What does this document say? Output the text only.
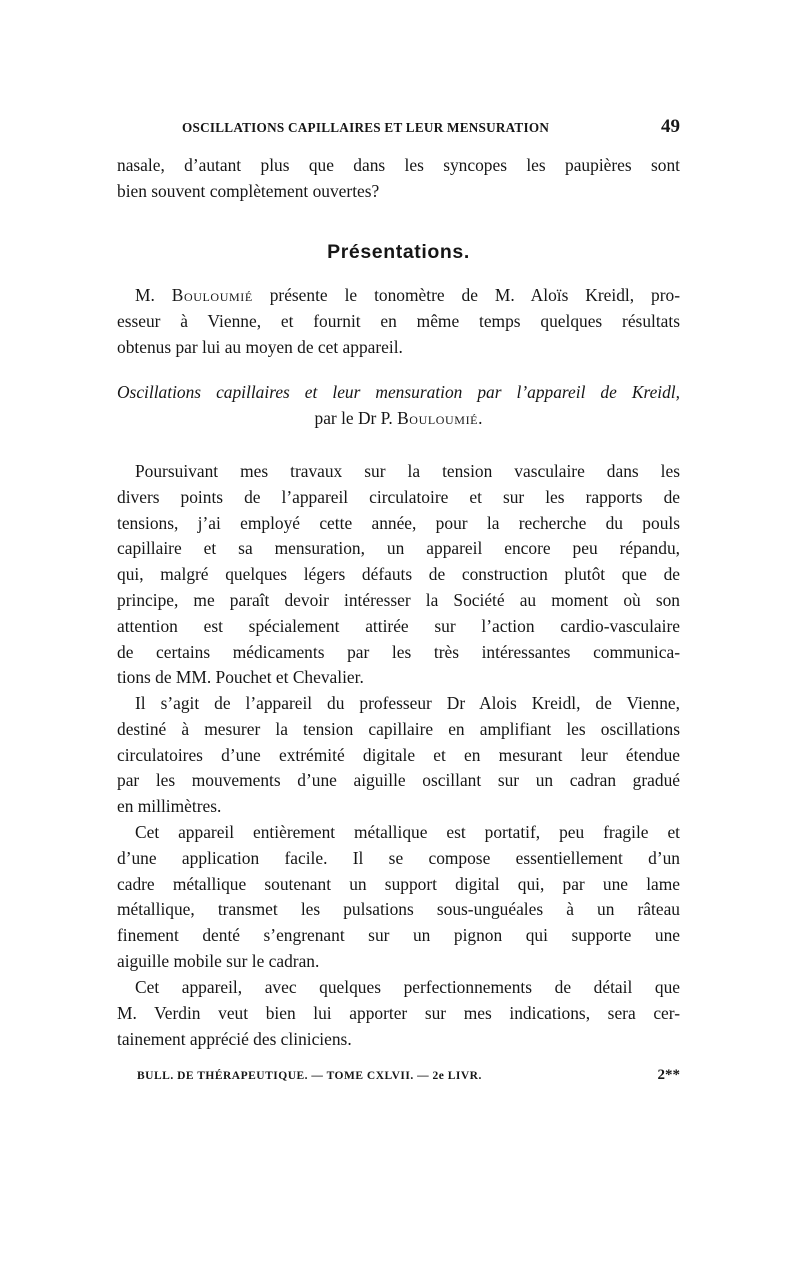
OSCILLATIONS CAPILLAIRES ET LEUR MENSURATION	49

nasale, d’autant plus que dans les syncopes les paupières sont
bien souvent complètement ouvertes?

Présentations.

M. Bouloumié présente le tonomètre de M. Aloïs Kreidl, pro-
esseur à Vienne, et fournit en même temps quelques résultats
obtenus par lui au moyen de cet appareil.

Oscillations capillaires et leur mensuration par l’appareil de Kreidl,
par le Dr P. Bouloumié.

Poursuivant mes travaux sur la tension vasculaire dans les
divers points de l’appareil circulatoire et sur les rapports de
tensions, j’ai employé cette année, pour la recherche du pouls
capillaire et sa mensuration, un appareil encore peu répandu,
qui, malgré quelques légers défauts de construction plutôt que de
principe, me paraît devoir intéresser la Société au moment où son
attention est spécialement attirée sur l’action cardio-vasculaire
de certains médicaments par les très intéressantes communica-
tions de MM. Pouchet et Chevalier.

Il s’agit de l’appareil du professeur Dr Alois Kreidl, de Vienne,
destiné à mesurer la tension capillaire en amplifiant les oscillations
circulatoires d’une extrémité digitale et en mesurant leur étendue
par les mouvements d’une aiguille oscillant sur un cadran gradué
en millimètres.

Cet appareil entièrement métallique est portatif, peu fragile et
d’une application facile. Il se compose essentiellement d’un
cadre métallique soutenant un support digital qui, par une lame
métallique, transmet les pulsations sous-unguéales à un râteau
finement denté s’engrenant sur un pignon qui supporte une
aiguille mobile sur le cadran.

Cet appareil, avec quelques perfectionnements de détail que
M. Verdin veut bien lui apporter sur mes indications, sera cer-
tainement apprécié des cliniciens.

BULL. DE THÉRAPEUTIQUE. — TOME CXLVII. — 2e LIVR.	2**
